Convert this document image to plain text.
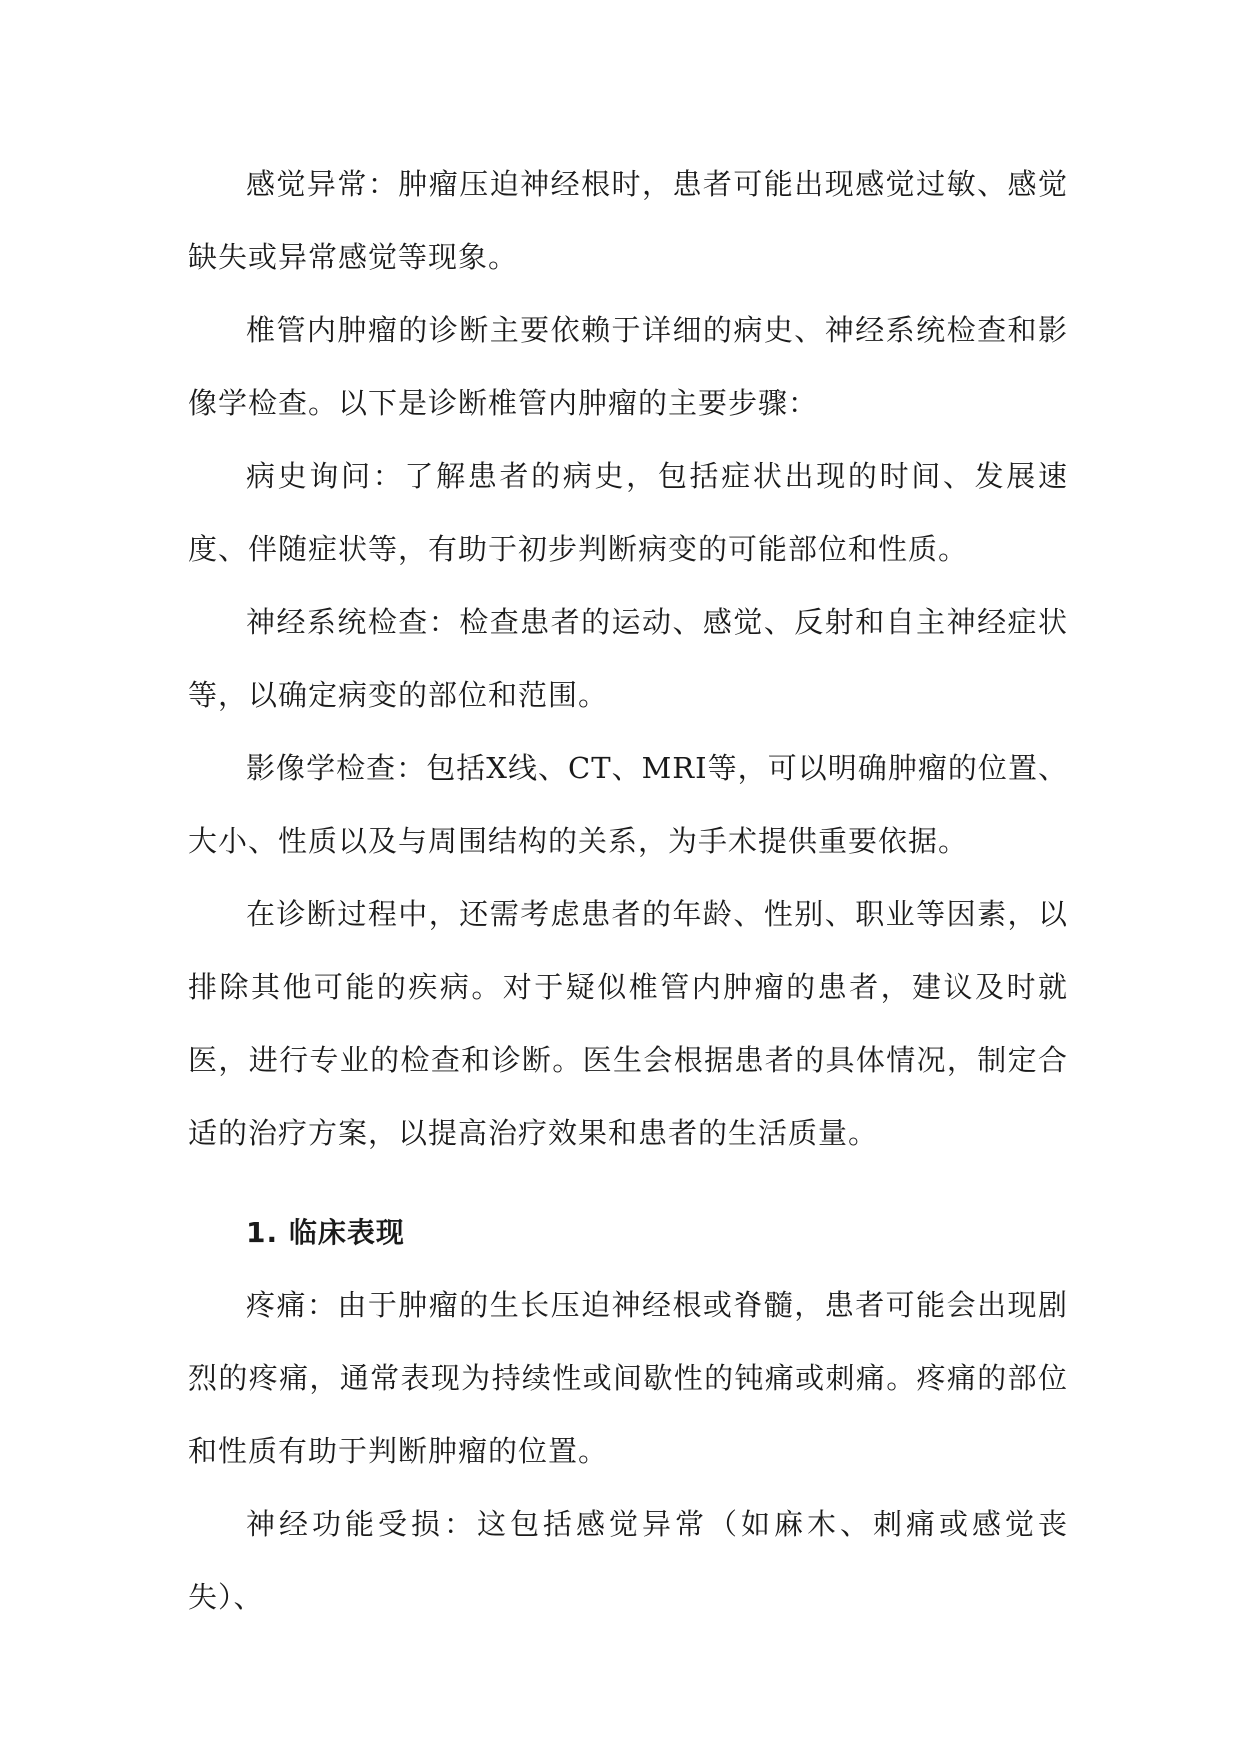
感觉异常：肿瘤压迫神经根时，患者可能出现感觉过敏、感觉缺失或异常感觉等现象。

椎管内肿瘤的诊断主要依赖于详细的病史、神经系统检查和影像学检查。以下是诊断椎管内肿瘤的主要步骤：

病史询问：了解患者的病史，包括症状出现的时间、发展速度、伴随症状等，有助于初步判断病变的可能部位和性质。

神经系统检查：检查患者的运动、感觉、反射和自主神经症状等，以确定病变的部位和范围。

影像学检查：包括X线、CT、MRI等，可以明确肿瘤的位置、大小、性质以及与周围结构的关系，为手术提供重要依据。

在诊断过程中，还需考虑患者的年龄、性别、职业等因素，以排除其他可能的疾病。对于疑似椎管内肿瘤的患者，建议及时就医，进行专业的检查和诊断。医生会根据患者的具体情况，制定合适的治疗方案，以提高治疗效果和患者的生活质量。

1. 临床表现

疼痛：由于肿瘤的生长压迫神经根或脊髓，患者可能会出现剧烈的疼痛，通常表现为持续性或间歇性的钝痛或刺痛。疼痛的部位和性质有助于判断肿瘤的位置。

神经功能受损：这包括感觉异常（如麻木、刺痛或感觉丧失）、
